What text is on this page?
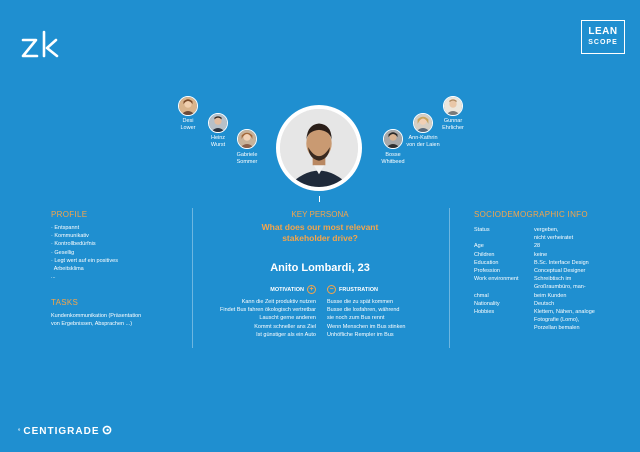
LEAN
SCOPE
° CENTIGRADE
Desi
Lower
Heinz
Wurst
Gabriele
Sommer
Bosse
Whitbeed
Ann-Kathrin
von der Laien
Gunnar
Ehrlicher
PROFILE
· Entspannt
· Kommunikativ
· Kontrollbedürfnis
· Gesellig
· Legt wert auf ein positives
Arbeitsklima
...
TASKS
Kundenkommunikation (Präsentation
von Ergebnissen, Absprachen ...)
KEY PERSONA
What does our most relevant
stakeholder drive?
Anito Lombardi, 23
MOTIVATION +
Kann die Zeit produktiv nutzen
Findet Bus fahren ökologisch vertretbar
Lauscht gerne anderen
Kommt schneller ans Ziel
Ist günstiger als ein Auto
− FRUSTRATION
Busse die zu spät kommen
Busse die losfahren, während
sie noch zum Bus rennt
Wenn Menschen im Bus stinken
Unhöfliche Rempler im Bus
SOCIODEMOGRAPHIC INFO
Status	vergeben,
nicht verheiratet
Age	28
Children	keine
Education	B.Sc. Interface Design
Profession	Conceptual Designer
Work environment	Schreibtisch im
Großraumbüro, man-
chmal	beim Kunden
Nationality	Deutsch
Hobbies	Klettern, Nähen, analoge
Fotografie (Lomo),
Porzellan bemalen
